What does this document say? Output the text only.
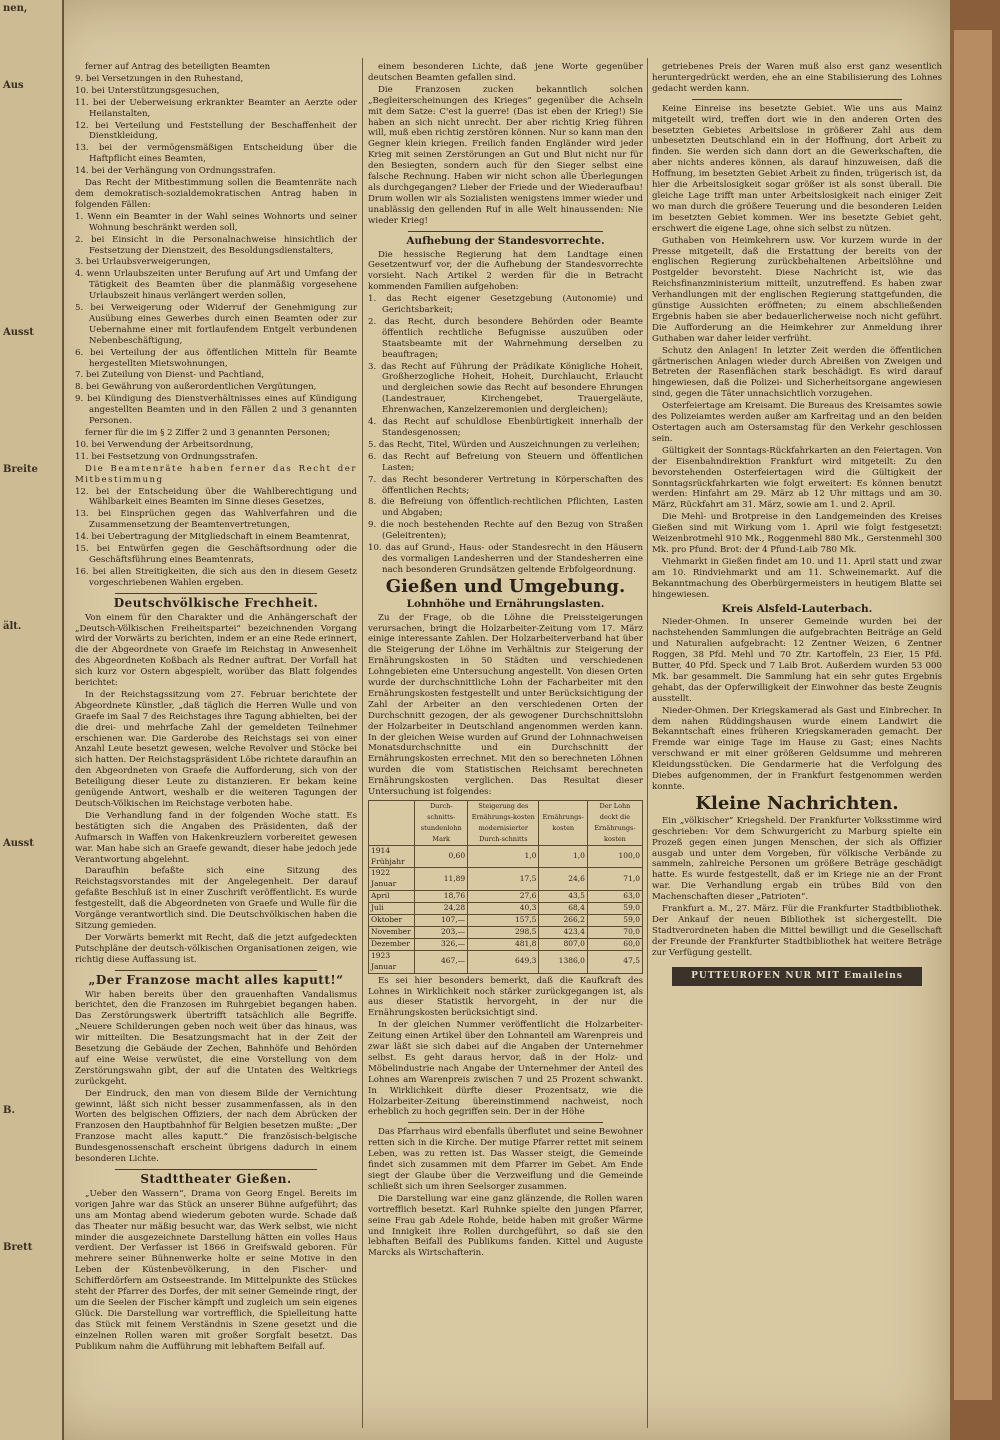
nen,
Aus
Ausst
Breite
ält.
Ausst
B.
Brett

ferner auf Antrag des beteiligten Beamten

9. bei Versetzungen in den Ruhestand,

10. bei Unterstützungsgesuchen,

11. bei der Ueberweisung erkrankter Beamter an Aerzte oder Heilanstalten,

12. bei Verteilung und Feststellung der Beschaffenheit der Dienstkleidung,

13. bei der vermögensmäßigen Entscheidung über die Haftpflicht eines Beamten,

14. bei der Verhängung von Ordnungsstrafen.

Das Recht der Mitbestimmung sollen die Beamtenräte nach dem demokratisch-sozialdemokratischen Antrag haben in folgenden Fällen:

1. Wenn ein Beamter in der Wahl seines Wohnorts und seiner Wohnung beschränkt werden soll,

2. bei Einsicht in die Personalnachweise hinsichtlich der Festsetzung der Dienstzeit, des Besoldungsdienstalters,

3. bei Urlaubsverweigerungen,

4. wenn Urlaubszeiten unter Berufung auf Art und Umfang der Tätigkeit des Beamten über die planmäßig vorgesehene Urlaubszeit hinaus verlängert werden sollen,

5. bei Verweigerung oder Widerruf der Genehmigung zur Ausübung eines Gewerbes durch einen Beamten oder zur Uebernahme einer mit fortlaufendem Entgelt verbundenen Nebenbeschäftigung,

6. bei Verteilung der aus öffentlichen Mitteln für Beamte hergestellten Mietswohnungen,

7. bei Zuteilung von Dienst- und Pachtland,

8. bei Gewährung von außerordentlichen Vergütungen,

9. bei Kündigung des Dienstverhältnisses eines auf Kündigung angestellten Beamten und in den Fällen 2 und 3 genannten Personen.

ferner für die im § 2 Ziffer 2 und 3 genannten Personen;

10. bei Verwendung der Arbeitsordnung,

11. bei Festsetzung von Ordnungsstrafen.

Die Beamtenräte haben ferner das Recht der Mitbestimmung

12. bei der Entscheidung über die Wahlberechtigung und Wählbarkeit eines Beamten im Sinne dieses Gesetzes,

13. bei Einsprüchen gegen das Wahlverfahren und die Zusammensetzung der Beamtenvertretungen,

14. bei Uebertragung der Mitgliedschaft in einem Beamtenrat,

15. bei Entwürfen gegen die Geschäftsordnung oder die Geschäftsführung eines Beamtenrats,

16. bei allen Streitigkeiten, die sich aus den in diesem Gesetz vorgeschriebenen Wahlen ergeben.

Deutschvölkische Frechheit.

Von einem für den Charakter und die Anhängerschaft der „Deutsch-Völkischen Freiheitspartei“ bezeichnenden Vorgang wird der Vorwärts zu berichten, indem er an eine Rede erinnert, die der Abgeordnete von Graefe im Reichstag in Anwesenheit des Abgeordneten Koßbach als Redner auftrat. Der Vorfall hat sich kurz vor Ostern abgespielt, worüber das Blatt folgendes berichtet:

In der Reichstagssitzung vom 27. Februar berichtete der Abgeordnete Künstler, „daß täglich die Herren Wulle und von Graefe im Saal 7 des Reichstages ihre Tagung abhielten, bei der die drei- und mehrfache Zahl der gemeldeten Teilnehmer erschienen war. Die Garderobe des Reichstags sei von einer Anzahl Leute besetzt gewesen, welche Revolver und Stöcke bei sich hatten. Der Reichstagspräsident Löbe richtete daraufhin an den Abgeordneten von Graefe die Aufforderung, sich von der Beteiligung dieser Leute zu distanzieren. Er bekam keine genügende Antwort, weshalb er die weiteren Tagungen der Deutsch-Völkischen im Reichstage verboten habe.

Die Verhandlung fand in der folgenden Woche statt. Es bestätigten sich die Angaben des Präsidenten, daß der Aufmarsch in Waffen von Hakenkreuzlern vorbereitet gewesen war. Man habe sich an Graefe gewandt, dieser habe jedoch jede Verantwortung abgelehnt.

Daraufhin befaßte sich eine Sitzung des Reichstagsvorstandes mit der Angelegenheit. Der darauf gefaßte Beschluß ist in einer Zuschrift veröffentlicht. Es wurde festgestellt, daß die Abgeordneten von Graefe und Wulle für die Vorgänge verantwortlich sind. Die Deutschvölkischen haben die Sitzung gemieden.

Der Vorwärts bemerkt mit Recht, daß die jetzt aufgedeckten Putschpläne der deutsch-völkischen Organisationen zeigen, wie richtig diese Auffassung ist.

„Der Franzose macht alles kaputt!“

Wir haben bereits über den grauenhaften Vandalismus berichtet, den die Franzosen im Ruhrgebiet begangen haben. Das Zerstörungswerk übertrifft tatsächlich alle Begriffe. „Neuere Schilderungen geben noch weit über das hinaus, was wir mitteilten. Die Besatzungsmacht hat in der Zeit der Besetzung die Gebäude der Zechen, Bahnhöfe und Behörden auf eine Weise verwüstet, die eine Vorstellung von dem Zerstörungswahn gibt, der auf die Untaten des Weltkriegs zurückgeht.

Der Eindruck, den man von diesem Bilde der Vernichtung gewinnt, läßt sich nicht besser zusammenfassen, als in den Worten des belgischen Offiziers, der nach dem Abrücken der Franzosen den Hauptbahnhof für Belgien besetzen mußte: „Der Franzose macht alles kaputt.“ Die französisch-belgische Bundesgenossenschaft erscheint übrigens dadurch in einem besonderen Lichte.

Stadttheater Gießen.

„Ueber den Wassern“, Drama von Georg Engel. Bereits im vorigen Jahre war das Stück an unserer Bühne aufgeführt; das uns am Montag abend wiederum geboten wurde. Schade daß das Theater nur mäßig besucht war, das Werk selbst, wie nicht minder die ausgezeichnete Darstellung hätten ein volles Haus verdient. Der Verfasser ist 1866 in Greifswald geboren. Für mehrere seiner Bühnenwerke holte er seine Motive in den Leben der Küstenbevölkerung, in den Fischer- und Schifferdörfern am Ostseestrande. Im Mittelpunkte des Stückes steht der Pfarrer des Dorfes, der mit seiner Gemeinde ringt, der um die Seelen der Fischer kämpft und zugleich um sein eigenes Glück. Die Darstellung war vortrefflich, die Spielleitung hatte das Stück mit feinem Verständnis in Szene gesetzt und die einzelnen Rollen waren mit großer Sorgfalt besetzt. Das Publikum nahm die Aufführung mit lebhaftem Beifall auf.

einem besonderen Lichte, daß jene Worte gegenüber deutschen Beamten gefallen sind.

Die Franzosen zucken bekanntlich solchen „Begleiterscheinungen des Krieges“ gegenüber die Achseln mit dem Satze: C'est la guerre! (Das ist eben der Krieg!) Sie haben an sich nicht unrecht. Der aber richtig Krieg führen will, muß eben richtig zerstören können. Nur so kann man den Gegner klein kriegen. Freilich fanden Engländer wird jeder Krieg mit seinen Zerstörungen an Gut und Blut nicht nur für den Besiegten, sondern auch für den Sieger selbst eine falsche Rechnung. Haben wir nicht schon alle Überlegungen als durchgegangen? Lieber der Friede und der Wiederaufbau! Drum wollen wir als Sozialisten wenigstens immer wieder und unablässig den gellenden Ruf in alle Welt hinaussenden: Nie wieder Krieg!

Aufhebung der Standesvorrechte.

Die hessische Regierung hat dem Landtage einen Gesetzentwurf vor, der die Aufhebung der Standesvorrechte vorsieht. Nach Artikel 2 werden für die in Betracht kommenden Familien aufgehoben:

1. das Recht eigener Gesetzgebung (Autonomie) und Gerichtsbarkeit;

2. das Recht, durch besondere Behörden oder Beamte öffentlich rechtliche Befugnisse auszuüben oder Staatsbeamte mit der Wahrnehmung derselben zu beauftragen;

3. das Recht auf Führung der Prädikate Königliche Hoheit, Großherzogliche Hoheit, Hoheit, Durchlaucht, Erlaucht und dergleichen sowie das Recht auf besondere Ehrungen (Landestrauer, Kirchengebet, Trauergeläute, Ehrenwachen, Kanzelzeremonien und dergleichen);

4. das Recht auf schuldlose Ebenbürtigkeit innerhalb der Standesgenossen;

5. das Recht, Titel, Würden und Auszeichnungen zu verleihen;

6. das Recht auf Befreiung von Steuern und öffentlichen Lasten;

7. das Recht besonderer Vertretung in Körperschaften des öffentlichen Rechts;

8. die Befreiung von öffentlich-rechtlichen Pflichten, Lasten und Abgaben;

9. die noch bestehenden Rechte auf den Bezug von Straßen (Geleitrenten);

10. das auf Grund-, Haus- oder Standesrecht in den Häusern des vormaligen Landesherren und der Standesherren eine nach besonderen Grundsätzen geltende Erbfolgeordnung.

Gießen und Umgebung.
Lohnhöhe und Ernährungslasten.

Zu der Frage, ob die Löhne die Preissteigerungen verursachen, bringt die Holzarbeiter-Zeitung vom 17. März einige interessante Zahlen. Der Holzarbeiterverband hat über die Steigerung der Löhne im Verhältnis zur Steigerung der Ernährungskosten in 50 Städten und verschiedenen Lohngebieten eine Untersuchung angestellt. Von diesen Orten wurde der durchschnittliche Lohn der Facharbeiter mit den Ernährungskosten festgestellt und unter Berücksichtigung der Zahl der Arbeiter an den verschiedenen Orten der Durchschnitt gezogen, der als gewogener Durchschnittslohn der Holzarbeiter in Deutschland angenommen werden kann. In der gleichen Weise wurden auf Grund der Lohnnachweisen Monatsdurchschnitte und ein Durchschnitt der Ernährungskosten errechnet. Mit den so berechneten Löhnen wurden die vom Statistischen Reichsamt berechneten Ernährungskosten verglichen. Das Resultat dieser Untersuchung ist folgendes:

	Durch-schnitts-stundenlohn Mark	Steigerung des Ernährungs-kosten modernisierter Durch-schnitts	Ernährungs-kosten	Der Lohn deckt die Ernährungs-kosten
1914 Frühjahr	0,60	1,0	1,0	100,0
1922 Januar	11,89	17,5	24,6	71,0
April	18,76	27,6	43,5	63,0
Juli	24,28	40,3	68,4	59,0
Oktober	107,—	157,5	266,2	59,0
November	203,—	298,5	423,4	70,0
Dezember	326,—	481,8	807,0	60,0
1923 Januar	467,—	649,3	1386,0	47,5

Es sei hier besonders bemerkt, daß die Kaufkraft des Lohnes in Wirklichkeit noch stärker zurückgegangen ist, als aus dieser Statistik hervorgeht, in der nur die Ernährungskosten berücksichtigt sind.

In der gleichen Nummer veröffentlicht die Holzarbeiter-Zeitung einen Artikel über den Lohnanteil am Warenpreis und zwar läßt sie sich dabei auf die Angaben der Unternehmer selbst. Es geht daraus hervor, daß in der Holz- und Möbelindustrie nach Angabe der Unternehmer der Anteil des Lohnes am Warenpreis zwischen 7 und 25 Prozent schwankt. In Wirklichkeit dürfte dieser Prozentsatz, wie die Holzarbeiter-Zeitung übereinstimmend nachweist, noch erheblich zu hoch gegriffen sein. Der in der Höhe

Das Pfarrhaus wird ebenfalls überflutet und seine Bewohner retten sich in die Kirche. Der mutige Pfarrer rettet mit seinem Leben, was zu retten ist. Das Wasser steigt, die Gemeinde findet sich zusammen mit dem Pfarrer im Gebet. Am Ende siegt der Glaube über die Verzweiflung und die Gemeinde schließt sich um ihren Seelsorger zusammen.

Die Darstellung war eine ganz glänzende, die Rollen waren vortrefflich besetzt. Karl Ruhnke spielte den jungen Pfarrer, seine Frau gab Adele Rohde, beide haben mit großer Wärme und Innigkeit ihre Rollen durchgeführt, so daß sie den lebhaften Beifall des Publikums fanden. Kittel und Auguste Marcks als Wirtschafterin.

getriebenes Preis der Waren muß also erst ganz wesentlich heruntergedrückt werden, ehe an eine Stabilisierung des Lohnes gedacht werden kann.

Keine Einreise ins besetzte Gebiet. Wie uns aus Mainz mitgeteilt wird, treffen dort wie in den anderen Orten des besetzten Gebietes Arbeitslose in größerer Zahl aus dem unbesetzten Deutschland ein in der Hoffnung, dort Arbeit zu finden. Sie werden sich dann dort an die Gewerkschaften, die aber nichts anderes können, als darauf hinzuweisen, daß die Hoffnung, im besetzten Gebiet Arbeit zu finden, trügerisch ist, da hier die Arbeitslosigkeit sogar größer ist als sonst überall. Die gleiche Lage trifft man unter Arbeitslosigkeit nach einiger Zeit wo man durch die größere Teuerung und die besonderen Leiden im besetzten Gebiet kommen. Wer ins besetzte Gebiet geht, erschwert die eigene Lage, ohne sich selbst zu nützen.

Guthaben von Heimkehrern usw. Vor kurzem wurde in der Presse mitgeteilt, daß die Erstattung der bereits von der englischen Regierung zurückbehaltenen Arbeitslöhne und Postgelder bevorsteht. Diese Nachricht ist, wie das Reichsfinanzministerium mitteilt, unzutreffend. Es haben zwar Verhandlungen mit der englischen Regierung stattgefunden, die günstige Aussichten eröffneten; zu einem abschließenden Ergebnis haben sie aber bedauerlicherweise noch nicht geführt. Die Aufforderung an die Heimkehrer zur Anmeldung ihrer Guthaben war daher leider verfrüht.

Schutz den Anlagen! In letzter Zeit werden die öffentlichen gärtnerischen Anlagen wieder durch Abreißen von Zweigen und Betreten der Rasenflächen stark beschädigt. Es wird darauf hingewiesen, daß die Polizei- und Sicherheitsorgane angewiesen sind, gegen die Täter unnachsichtlich vorzugehen.

Osterfeiertage am Kreisamt. Die Bureaus des Kreisamtes sowie des Polizeiamtes werden außer am Karfreitag und an den beiden Ostertagen auch am Ostersamstag für den Verkehr geschlossen sein.

Gültigkeit der Sonntags-Rückfahrkarten an den Feiertagen. Von der Eisenbahndirektion Frankfurt wird mitgeteilt: Zu den bevorstehenden Osterfeiertagen wird die Gültigkeit der Sonntagsrückfahrkarten wie folgt erweitert: Es können benutzt werden: Hinfahrt am 29. März ab 12 Uhr mittags und am 30. März, Rückfahrt am 31. März, sowie am 1. und 2. April.

Die Mehl- und Brotpreise in den Landgemeinden des Kreises Gießen sind mit Wirkung vom 1. April wie folgt festgesetzt: Weizenbrotmehl 910 Mk., Roggenmehl 880 Mk., Gerstenmehl 300 Mk. pro Pfund. Brot: der 4 Pfund-Laib 780 Mk.

Viehmarkt in Gießen findet am 10. und 11. April statt und zwar am 10. Rindviehmarkt und am 11. Schweinemarkt. Auf die Bekanntmachung des Oberbürgermeisters in heutigem Blatte sei hingewiesen.

Kreis Alsfeld-Lauterbach.

Nieder-Ohmen. In unserer Gemeinde wurden bei der nachstehenden Sammlungen die aufgebrachten Beiträge an Geld und Naturalien aufgebracht: 12 Zentner Weizen, 6 Zentner Roggen, 38 Pfd. Mehl und 70 Ztr. Kartoffeln, 23 Eier, 15 Pfd. Butter, 40 Pfd. Speck und 7 Laib Brot. Außerdem wurden 53 000 Mk. bar gesammelt. Die Sammlung hat ein sehr gutes Ergebnis gehabt, das der Opferwilligkeit der Einwohner das beste Zeugnis ausstellt.

Nieder-Ohmen. Der Kriegskamerad als Gast und Einbrecher. In dem nahen Rüddingshausen wurde einem Landwirt die Bekanntschaft eines früheren Kriegskameraden gemacht. Der Fremde war einige Tage im Hause zu Gast; eines Nachts verschwand er mit einer größeren Geldsumme und mehreren Kleidungsstücken. Die Gendarmerie hat die Verfolgung des Diebes aufgenommen, der in Frankfurt festgenommen werden konnte.

Kleine Nachrichten.

Ein „völkischer“ Kriegsheld. Der Frankfurter Volksstimme wird geschrieben: Vor dem Schwurgericht zu Marburg spielte ein Prozeß gegen einen jungen Menschen, der sich als Offizier ausgab und unter dem Vorgeben, für völkische Verbände zu sammeln, zahlreiche Personen um größere Beträge geschädigt hatte. Es wurde festgestellt, daß er im Kriege nie an der Front war. Die Verhandlung ergab ein trübes Bild von den Machenschaften dieser „Patrioten“.

Frankfurt a. M., 27. März. Für die Frankfurter Stadtbibliothek. Der Ankauf der neuen Bibliothek ist sichergestellt. Die Stadtverordneten haben die Mittel bewilligt und die Gesellschaft der Freunde der Frankfurter Stadtbibliothek hat weitere Beträge zur Verfügung gestellt.

PUTTEUROFEN NUR MIT Emaileins
